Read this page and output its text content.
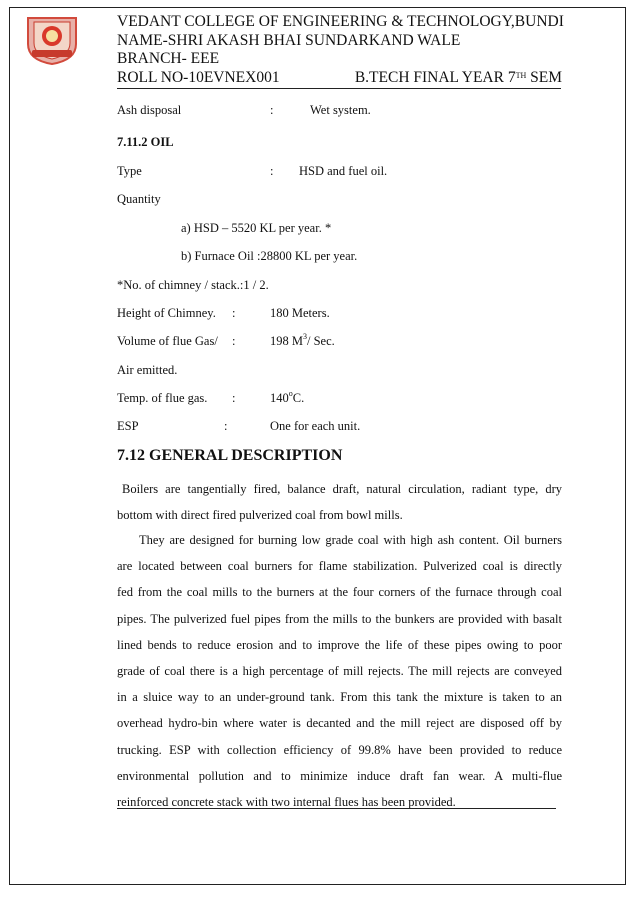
VEDANT COLLEGE OF ENGINEERING & TECHNOLOGY,BUNDI
NAME-SHRI AKASH BHAI SUNDARKAND WALE
BRANCH- EEE
ROLL NO-10EVNEX001	B.TECH FINAL YEAR 7TH SEM
Ash disposal	:	Wet system.
7.11.2 OIL
Type	: HSD and fuel oil.
Quantity
a) HSD – 5520 KL per year. *
b) Furnace Oil :28800 KL per year.
*No. of chimney / stack.:1 / 2.
Height of Chimney. :	180 Meters.
Volume of flue Gas/ :	198 $M^3/$ Sec.
Air emitted.
Temp. of flue gas. :	140$^o$C.
ESP	:	One for each unit.
7.12 GENERAL DESCRIPTION
Boilers are tangentially fired, balance draft, natural circulation, radiant type, dry
bottom with direct fired pulverized coal from bowl mills.
They are designed for burning low grade coal with high ash content. Oil burners
are located between coal burners for flame stabilization. Pulverized coal is directly
fed from the coal mills to the burners at the four corners of the furnace through coal
pipes. The pulverized fuel pipes from the mills to the bunkers are provided with basalt
lined bends to reduce erosion and to improve the life of these pipes owing to poor
grade of coal there is a high percentage of mill rejects. The mill rejects are conveyed
in a sluice way to an under-ground tank. From this tank the mixture is taken to an
overhead hydro-bin where water is decanted and the mill reject are disposed off by
trucking. ESP with collection efficiency of 99.8% have been provided to reduce
environmental pollution and to minimize induce draft fan wear. A multi-flue
reinforced concrete stack with two internal flues has been provided.
